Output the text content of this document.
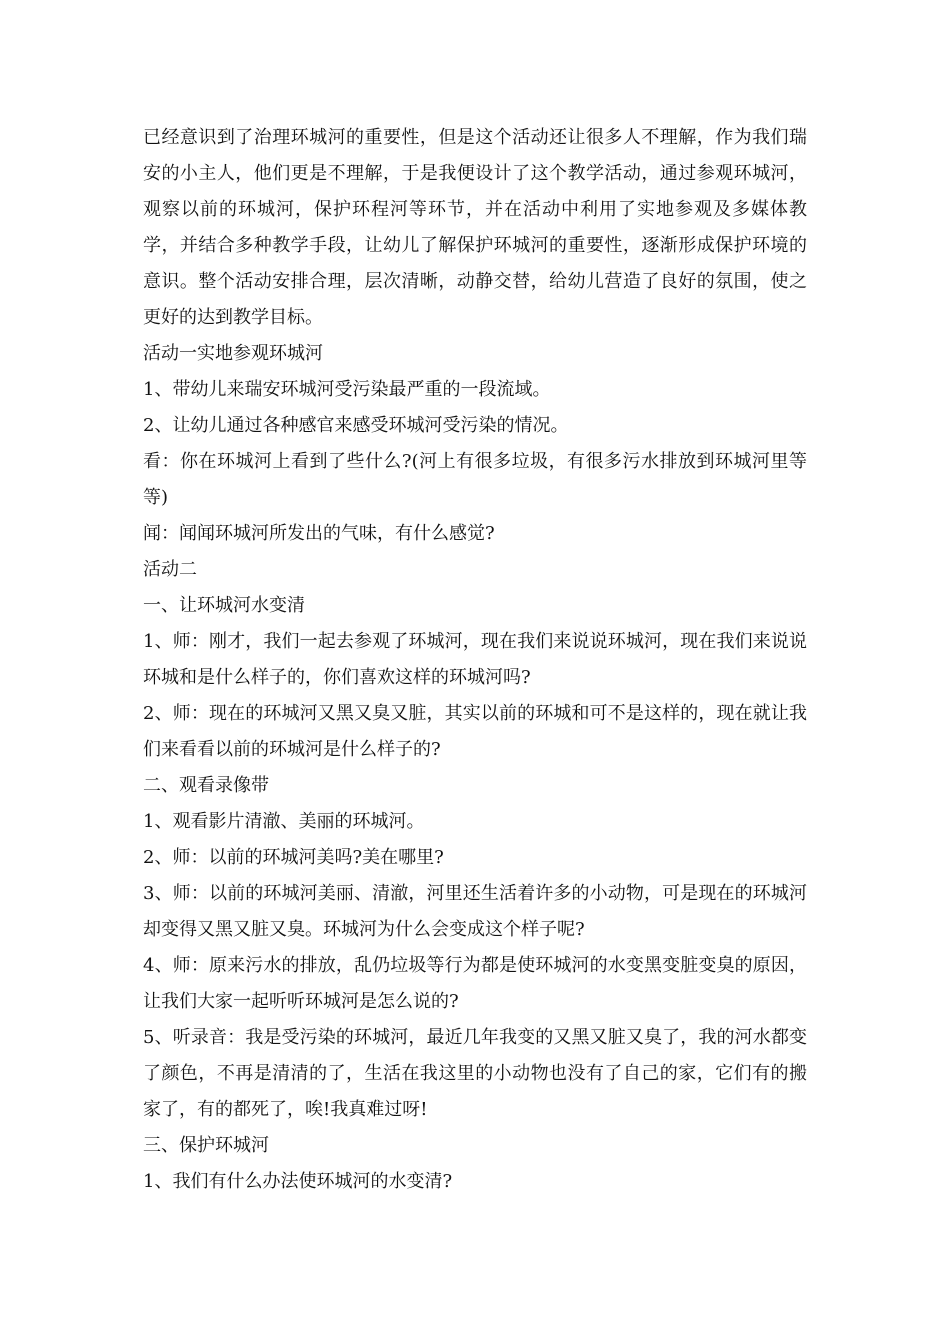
已经意识到了治理环城河的重要性，但是这个活动还让很多人不理解，作为我们瑞安的小主人，他们更是不理解，于是我便设计了这个教学活动，通过参观环城河，观察以前的环城河，保护环程河等环节，并在活动中利用了实地参观及多媒体教学，并结合多种教学手段，让幼儿了解保护环城河的重要性，逐渐形成保护环境的意识。整个活动安排合理，层次清晰，动静交替，给幼儿营造了良好的氛围，使之更好的达到教学目标。

活动一实地参观环城河

1、带幼儿来瑞安环城河受污染最严重的一段流域。

2、让幼儿通过各种感官来感受环城河受污染的情况。

看：你在环城河上看到了些什么?(河上有很多垃圾，有很多污水排放到环城河里等等)

闻：闻闻环城河所发出的气味，有什么感觉?

活动二

一、让环城河水变清

1、师：刚才，我们一起去参观了环城河，现在我们来说说环城河，现在我们来说说环城和是什么样子的，你们喜欢这样的环城河吗?

2、师：现在的环城河又黑又臭又脏，其实以前的环城和可不是这样的，现在就让我们来看看以前的环城河是什么样子的?

二、观看录像带

1、观看影片清澈、美丽的环城河。

2、师：以前的环城河美吗?美在哪里?

3、师：以前的环城河美丽、清澈，河里还生活着许多的小动物，可是现在的环城河却变得又黑又脏又臭。环城河为什么会变成这个样子呢?

4、师：原来污水的排放，乱仍垃圾等行为都是使环城河的水变黑变脏变臭的原因，让我们大家一起听听环城河是怎么说的?

5、听录音：我是受污染的环城河，最近几年我变的又黑又脏又臭了，我的河水都变了颜色，不再是清清的了，生活在我这里的小动物也没有了自己的家，它们有的搬家了，有的都死了，唉!我真难过呀!

三、保护环城河

1、我们有什么办法使环城河的水变清?
